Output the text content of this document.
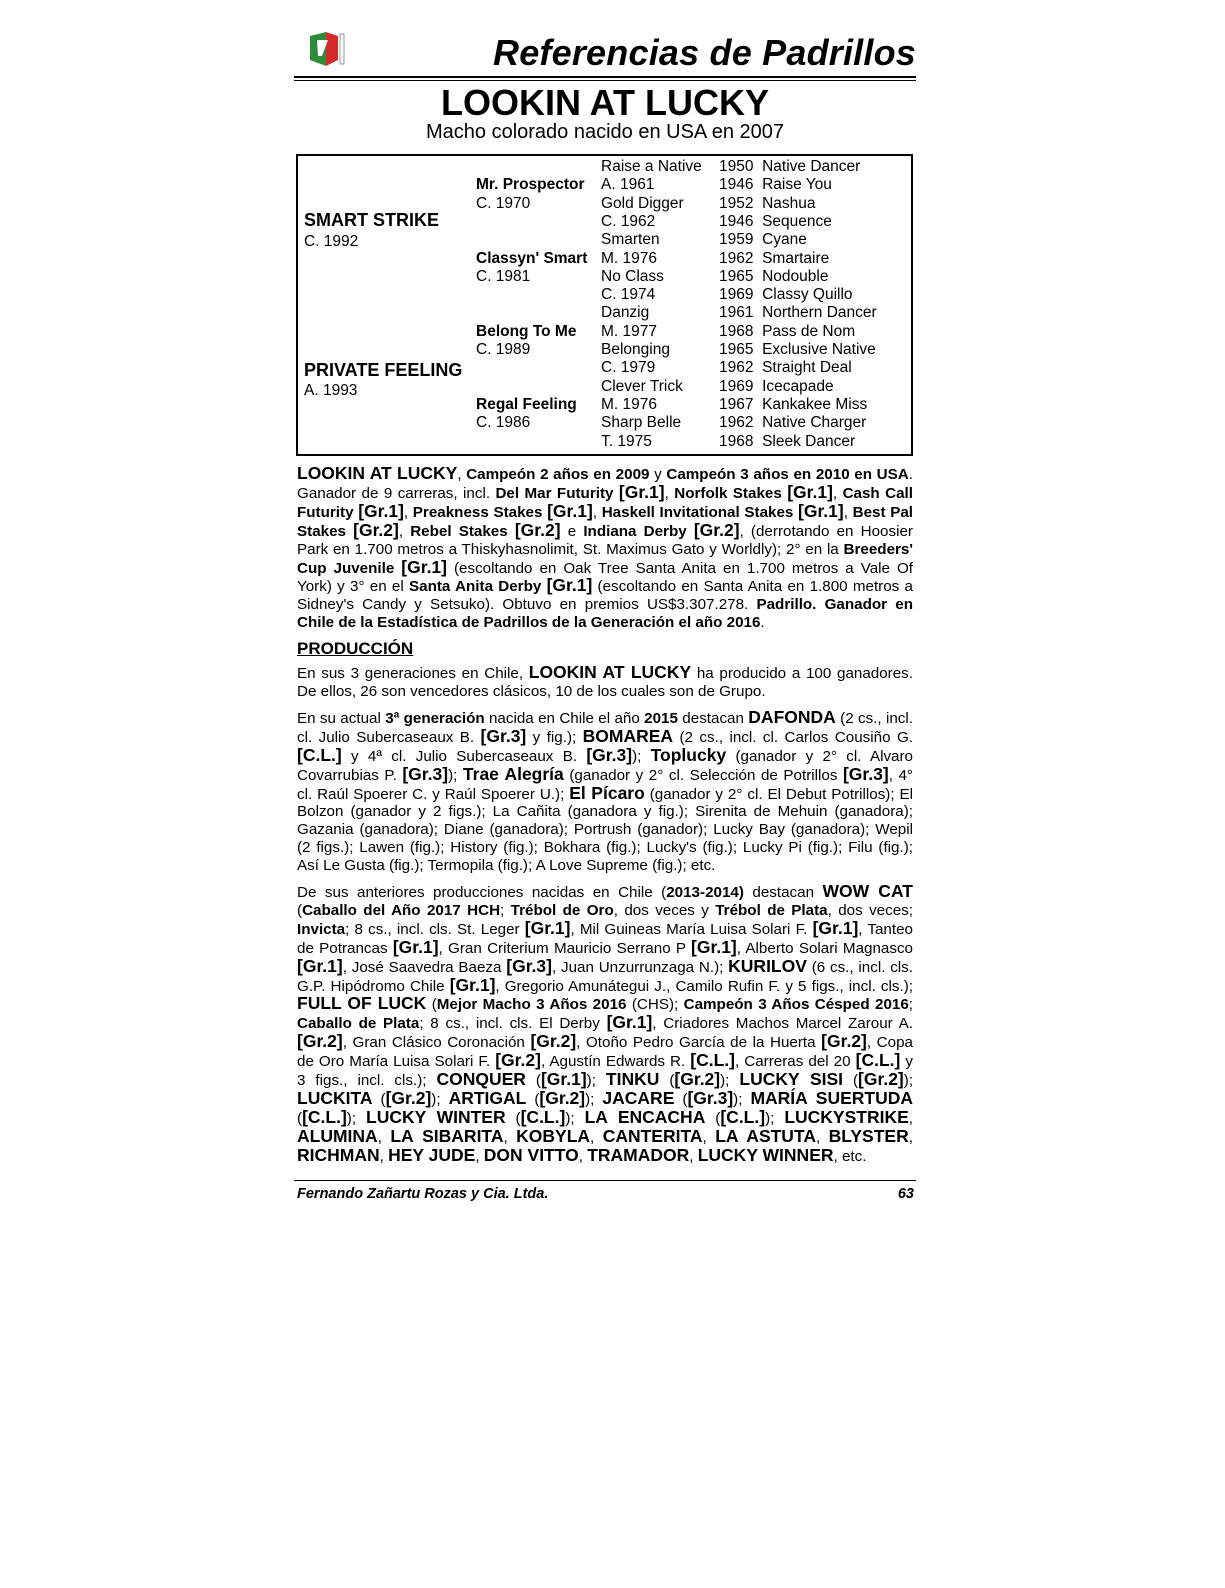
Referencias de Padrillos
LOOKIN AT LUCKY
Macho colorado nacido en USA en 2007
SMART STRIKE
C. 1992
PRIVATE FEELING
A. 1993
Mr. Prospector
C. 1970
Classyn' Smart
C. 1981
Belong To Me
C. 1989
Regal Feeling
C. 1986
Raise a Native
A. 1961
Gold Digger
C. 1962
Smarten
M. 1976
No Class
C. 1974
Danzig
M. 1977
Belonging
C. 1979
Clever Trick
M. 1976
Sharp Belle
T. 1975
1950  Native Dancer
1946  Raise You
1952  Nashua
1946  Sequence
1959  Cyane
1962  Smartaire
1965  Nodouble
1969  Classy Quillo
1961  Northern Dancer
1968  Pass de Nom
1965  Exclusive Native
1962  Straight Deal
1969  Icecapade
1967  Kankakee Miss
1962  Native Charger
1968  Sleek Dancer

LOOKIN AT LUCKY, Campeón 2 años en 2009 y Campeón 3 años en 2010 en USA. Ganador de 9 carreras, incl. Del Mar Futurity [Gr.1], Norfolk Stakes [Gr.1], Cash Call Futurity [Gr.1], Preakness Stakes [Gr.1], Haskell Invitational Stakes [Gr.1], Best Pal Stakes [Gr.2], Rebel Stakes [Gr.2] e Indiana Derby [Gr.2], (derrotando en Hoosier Park en 1.700 metros a Thiskyhasnolimit, St. Maximus Gato y Worldly); 2° en la Breeders' Cup Juvenile [Gr.1] (escoltando en Oak Tree Santa Anita en 1.700 metros a Vale Of York) y 3° en el Santa Anita Derby [Gr.1] (escoltando en Santa Anita en 1.800 metros a Sidney's Candy y Setsuko). Obtuvo en premios US$3.307.278. Padrillo. Ganador en Chile de la Estadística de Padrillos de la Generación el año 2016.

PRODUCCIÓN

En sus 3 generaciones en Chile, LOOKIN AT LUCKY ha producido a 100 ganadores. De ellos, 26 son vencedores clásicos, 10 de los cuales son de Grupo.

En su actual 3ª generación nacida en Chile el año 2015 destacan DAFONDA (2 cs., incl. cl. Julio Subercaseaux B. [Gr.3] y fig.); BOMAREA (2 cs., incl. cl. Carlos Cousiño G. [C.L.] y 4ª cl. Julio Subercaseaux B. [Gr.3]); Toplucky (ganador y 2° cl. Alvaro Covarrubias P. [Gr.3]); Trae Alegría (ganador y 2° cl. Selección de Potrillos [Gr.3], 4° cl. Raúl Spoerer C. y Raúl Spoerer U.); El Pícaro (ganador y 2° cl. El Debut Potrillos); El Bolzon (ganador y 2 figs.); La Cañita (ganadora y fig.); Sirenita de Mehuin (ganadora); Gazania (ganadora); Diane (ganadora); Portrush (ganador); Lucky Bay (ganadora); Wepil (2 figs.); Lawen (fig.); History (fig.); Bokhara (fig.); Lucky's (fig.); Lucky Pi (fig.); Filu (fig.); Así Le Gusta (fig.); Termopila (fig.); A Love Supreme (fig.); etc.

De sus anteriores producciones nacidas en Chile (2013-2014) destacan WOW CAT (Caballo del Año 2017 HCH; Trébol de Oro, dos veces y Trébol de Plata, dos veces; Invicta; 8 cs., incl. cls. St. Leger [Gr.1], Mil Guineas María Luisa Solari F. [Gr.1], Tanteo de Potrancas [Gr.1], Gran Criterium Mauricio Serrano P [Gr.1], Alberto Solari Magnasco [Gr.1], José Saavedra Baeza [Gr.3], Juan Unzurrunzaga N.); KURILOV (6 cs., incl. cls. G.P. Hipódromo Chile [Gr.1], Gregorio Amunátegui J., Camilo Rufin F. y 5 figs., incl. cls.); FULL OF LUCK (Mejor Macho 3 Años 2016 (CHS); Campeón 3 Años Césped 2016; Caballo de Plata; 8 cs., incl. cls. El Derby [Gr.1], Criadores Machos Marcel Zarour A. [Gr.2], Gran Clásico Coronación [Gr.2], Otoño Pedro García de la Huerta [Gr.2], Copa de Oro María Luisa Solari F. [Gr.2], Agustín Edwards R. [C.L.], Carreras del 20 [C.L.] y 3 figs., incl. cls.); CONQUER ([Gr.1]); TINKU ([Gr.2]); LUCKY SISI ([Gr.2]); LUCKITA ([Gr.2]); ARTIGAL ([Gr.2]); JACARE ([Gr.3]); MARÍA SUERTUDA ([C.L.]); LUCKY WINTER ([C.L.]); LA ENCACHA ([C.L.]); LUCKYSTRIKE, ALUMINA, LA SIBARITA, KOBYLA, CANTERITA, LA ASTUTA, BLYSTER, RICHMAN, HEY JUDE, DON VITTO, TRAMADOR, LUCKY WINNER, etc.

Fernando Zañartu Rozas y Cia. Ltda.	63
